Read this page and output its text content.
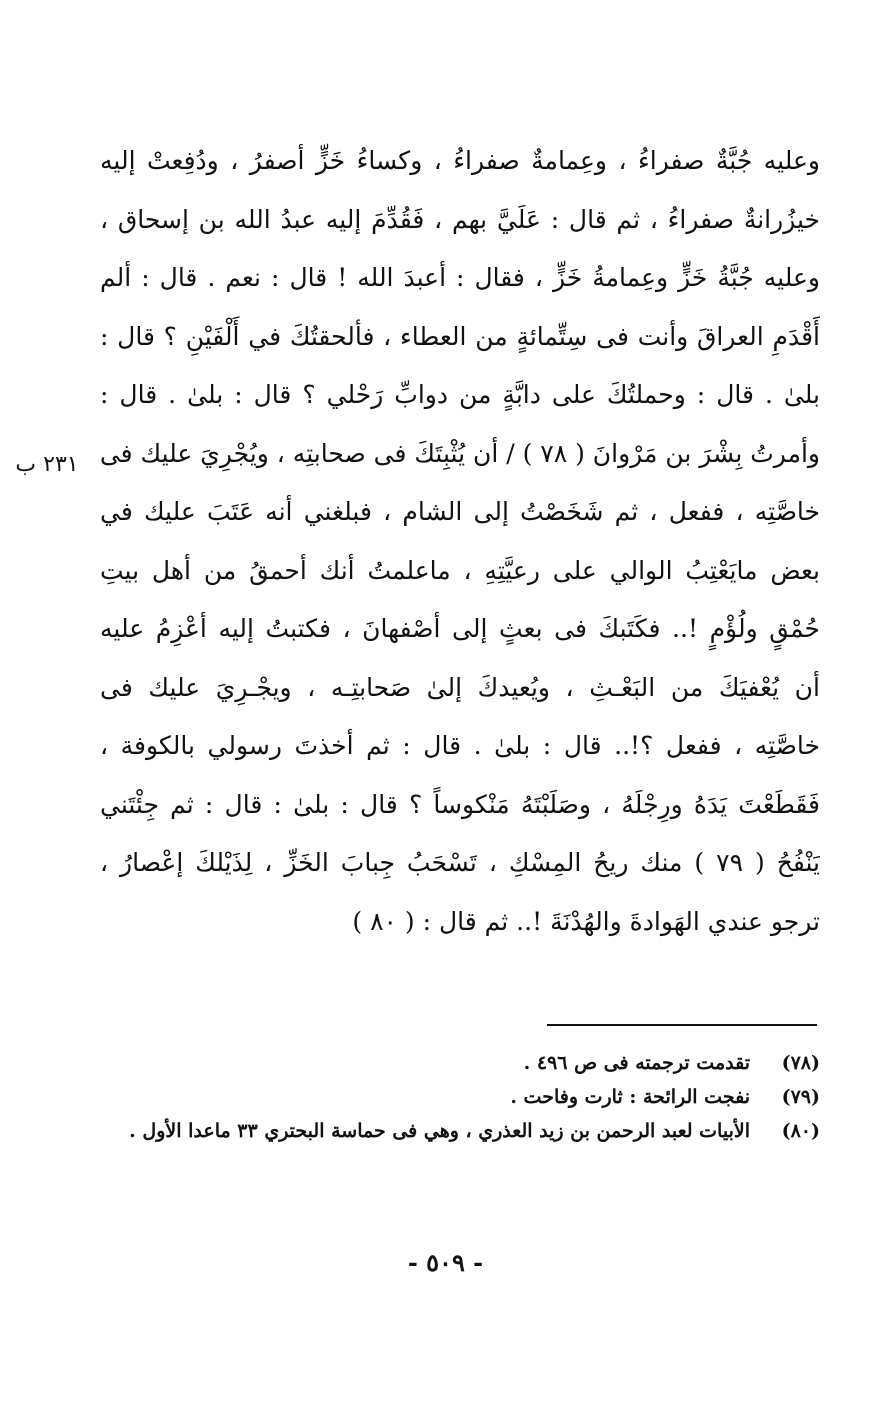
٢٣١ ب
وعليه جُبَّةٌ صفراءُ ، وعِمامةٌ صفراءُ ، وكساءُ خَزٍّ أصفرُ ، ودُفِعتْ إليه
خيزُرانةٌ صفراءُ ، ثم قال : عَلَيَّ بهم ، فَقُدِّمَ إليه عبدُ الله بن إسحاق ،
وعليه جُبَّةُ خَزٍّ وعِمامةُ خَزٍّ ، فقال : أعبدَ الله ! قال : نعم . قال : ألم
أَقْدَمِ العراقَ وأنت فى سِتِّمائةٍ من العطاء ، فألحقتُكَ في أَلْفَيْنِ ؟ قال :
بلىٰ . قال : وحملتُكَ على دابَّةٍ من دوابِّ رَحْلي ؟ قال : بلىٰ . قال :
وأمرتُ بِشْرَ بن مَرْوانَ ( ٧٨ ) / أن يُثْبِتَكَ فى صحابتِه ، ويُجْرِيَ عليك فى
خاصَّتِه ، ففعل ، ثم شَخَصْتُ إلى الشام ، فبلغني أنه عَتَبَ عليك في
بعض مايَعْتِبُ الوالي على رعيَّتِهِ ، ماعلمتُ أنك أحمقُ من أهل بيتِ
حُمْقٍ ولُؤْمٍ !.. فكَتَبكَ فى بعثٍ إلى أصْفهانَ ، فكتبتُ إليه أعْزِمُ عليه
أن يُعْفيَكَ من البَعْـثِ ، ويُعيدكَ إلىٰ صَحابتِـه ، ويجْـرِيَ عليك فى
خاصَّتِه ، ففعل ؟!.. قال : بلىٰ . قال : ثم أخذتَ رسولي بالكوفة ،
فَقَطَعْتَ يَدَهُ ورِجْلَهُ ، وصَلَبْتَهُ مَنْكوساً ؟ قال : بلىٰ : قال : ثم جِئْتَني
يَنْفُحُ ( ٧٩ ) منك ريحُ المِسْكِ ، تَسْحَبُ جِبابَ الخَزِّ ، لِذَيْلكَ إعْصارُ ،
ترجو عندي الهَوادةَ والهُدْنَةَ !.. ثم قال : ( ٨٠ )
(٧٨)
تقدمت ترجمته فى ص ٤٩٦ .
(٧٩)
نفجت الرائحة : ثارت وفاحت .
(٨٠)
الأبيات لعبد الرحمن بن زيد العذري ، وهي فى حماسة البحتري ٣٣ ماعدا الأول .
- ٥٠٩ -
